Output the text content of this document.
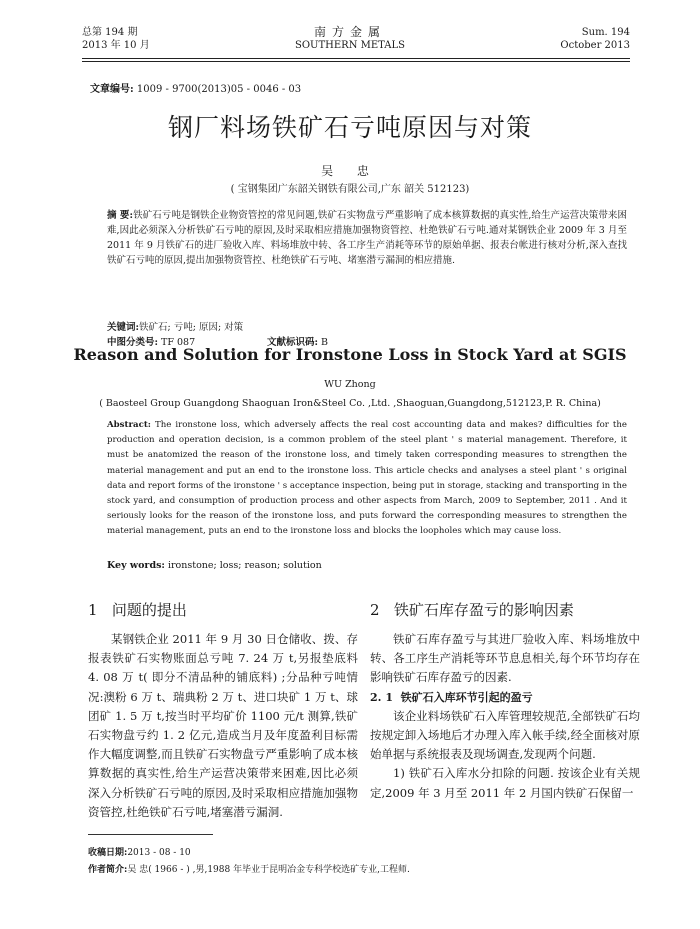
总第 194 期
2013 年 10 月
南方金属
SOUTHERN METALS
Sum. 194
October 2013
文章编号: 1009 - 9700(2013)05 - 0046 - 03
钢厂料场铁矿石亏吨原因与对策
吴 忠
( 宝钢集团广东韶关钢铁有限公司,广东 韶关 512123)
摘 要:铁矿石亏吨是钢铁企业物资管控的常见问题,铁矿石实物盘亏严重影响了成本核算数据的真实性,给生产运营决策带来困难,因此必须深入分析铁矿石亏吨的原因,及时采取相应措施加强物资管控、杜绝铁矿石亏吨.通对某钢铁企业 2009 年 3 月至 2011 年 9 月铁矿石的进厂验收入库、料场堆放中转、各工序生产消耗等环节的原始单据、报表台帐进行核对分析,深入查找铁矿石亏吨的原因,提出加强物资管控、杜绝铁矿石亏吨、堵塞潜亏漏洞的相应措施.
关键词:铁矿石; 亏吨; 原因; 对策
中图分类号: TF 087	文献标识码: B
Reason and Solution for Ironstone Loss in Stock Yard at SGIS
WU Zhong
( Baosteel Group Guangdong Shaoguan Iron&Steel Co. ,Ltd. ,Shaoguan,Guangdong,512123,P. R. China)
Abstract: The ironstone loss, which adversely affects the real cost accounting data and makes? difficulties for the production and operation decision, is a common problem of the steel plant ' s material management. Therefore, it must be anatomized the reason of the ironstone loss, and timely taken corresponding measures to strengthen the material management and put an end to the ironstone loss. This article checks and analyses a steel plant ' s original data and report forms of the ironstone ' s acceptance inspection, being put in storage, stacking and transporting in the stock yard, and consumption of production process and other aspects from March, 2009 to September, 2011 . And it seriously looks for the reason of the ironstone loss, and puts forward the corresponding measures to strengthen the material management, puts an end to the ironstone loss and blocks the loopholes which may cause loss.
Key words: ironstone; loss; reason; solution
1 问题的提出	2 铁矿石库存盈亏的影响因素

某钢铁企业 2011 年 9 月 30 日仓储收、拨、存报表铁矿石实物账面总亏吨 7. 24 万 t,另报垫底料 4. 08 万 t( 即分不清品种的铺底料) ;分品种亏吨情况:澳粉 6 万 t、瑞典粉 2 万 t、进口块矿 1 万 t、球团矿 1. 5 万 t,按当时平均矿价 1100 元/t 测算,铁矿石实物盘亏约 1. 2 亿元,造成当月及年度盈利目标需作大幅度调整,而且铁矿石实物盘亏严重影响了成本核算数据的真实性,给生产运营决策带来困难,因比必须深入分析铁矿石亏吨的原因,及时采取相应措施加强物资管控,杜绝铁矿石亏吨,堵塞潜亏漏洞.

铁矿石库存盈亏与其进厂验收入库、料场堆放中转、各工序生产消耗等环节息息相关,每个环节均存在影响铁矿石库存盈亏的因素.

2. 1 铁矿石入库环节引起的盈亏

该企业料场铁矿石入库管理较规范,全部铁矿石均按规定卸入场地后才办理入库入帐手续,经全面核对原始单据与系统报表及现场调查,发现两个问题.

1) 铁矿石入库水分扣除的问题. 按该企业有关规定,2009 年 3 月至 2011 年 2 月国内铁矿石保留一

收稿日期:2013 - 08 - 10
作者简介:吴 忠( 1966 - ) ,男,1988 年毕业于昆明冶金专科学校选矿专业,工程师.
